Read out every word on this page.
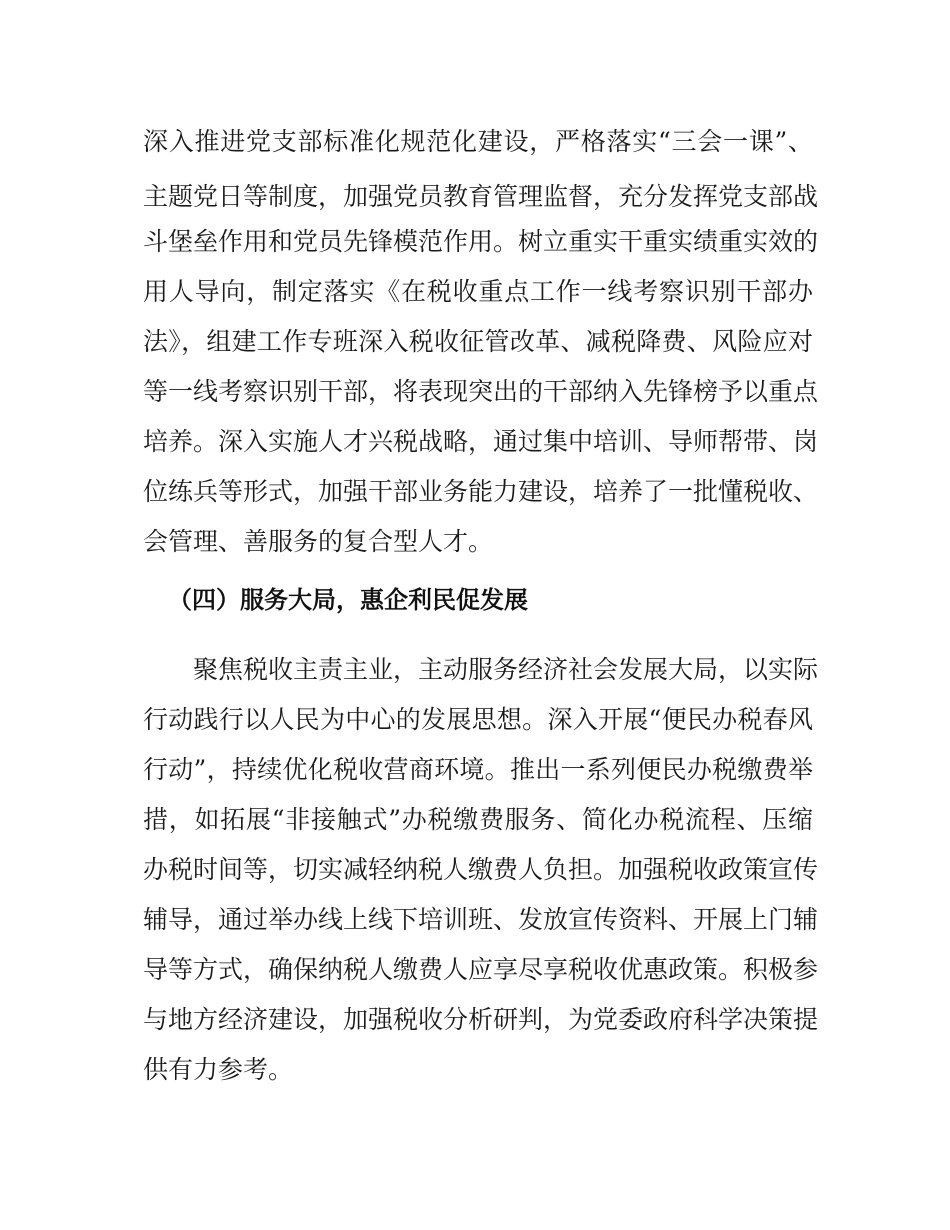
深入推进党支部标准化规范化建设，严格落实“三会一课”、
主题党日等制度，加强党员教育管理监督，充分发挥党支部战
斗堡垒作用和党员先锋模范作用。树立重实干重实绩重实效的
用人导向，制定落实《在税收重点工作一线考察识别干部办
法》，组建工作专班深入税收征管改革、减税降费、风险应对
等一线考察识别干部，将表现突出的干部纳入先锋榜予以重点
培养。深入实施人才兴税战略，通过集中培训、导师帮带、岗
位练兵等形式，加强干部业务能力建设，培养了一批懂税收、
会管理、善服务的复合型人才。
（四）服务大局，惠企利民促发展
聚焦税收主责主业，主动服务经济社会发展大局，以实际
行动践行以人民为中心的发展思想。深入开展“便民办税春风
行动”，持续优化税收营商环境。推出一系列便民办税缴费举
措，如拓展“非接触式”办税缴费服务、简化办税流程、压缩
办税时间等，切实减轻纳税人缴费人负担。加强税收政策宣传
辅导，通过举办线上线下培训班、发放宣传资料、开展上门辅
导等方式，确保纳税人缴费人应享尽享税收优惠政策。积极参
与地方经济建设，加强税收分析研判，为党委政府科学决策提
供有力参考。
